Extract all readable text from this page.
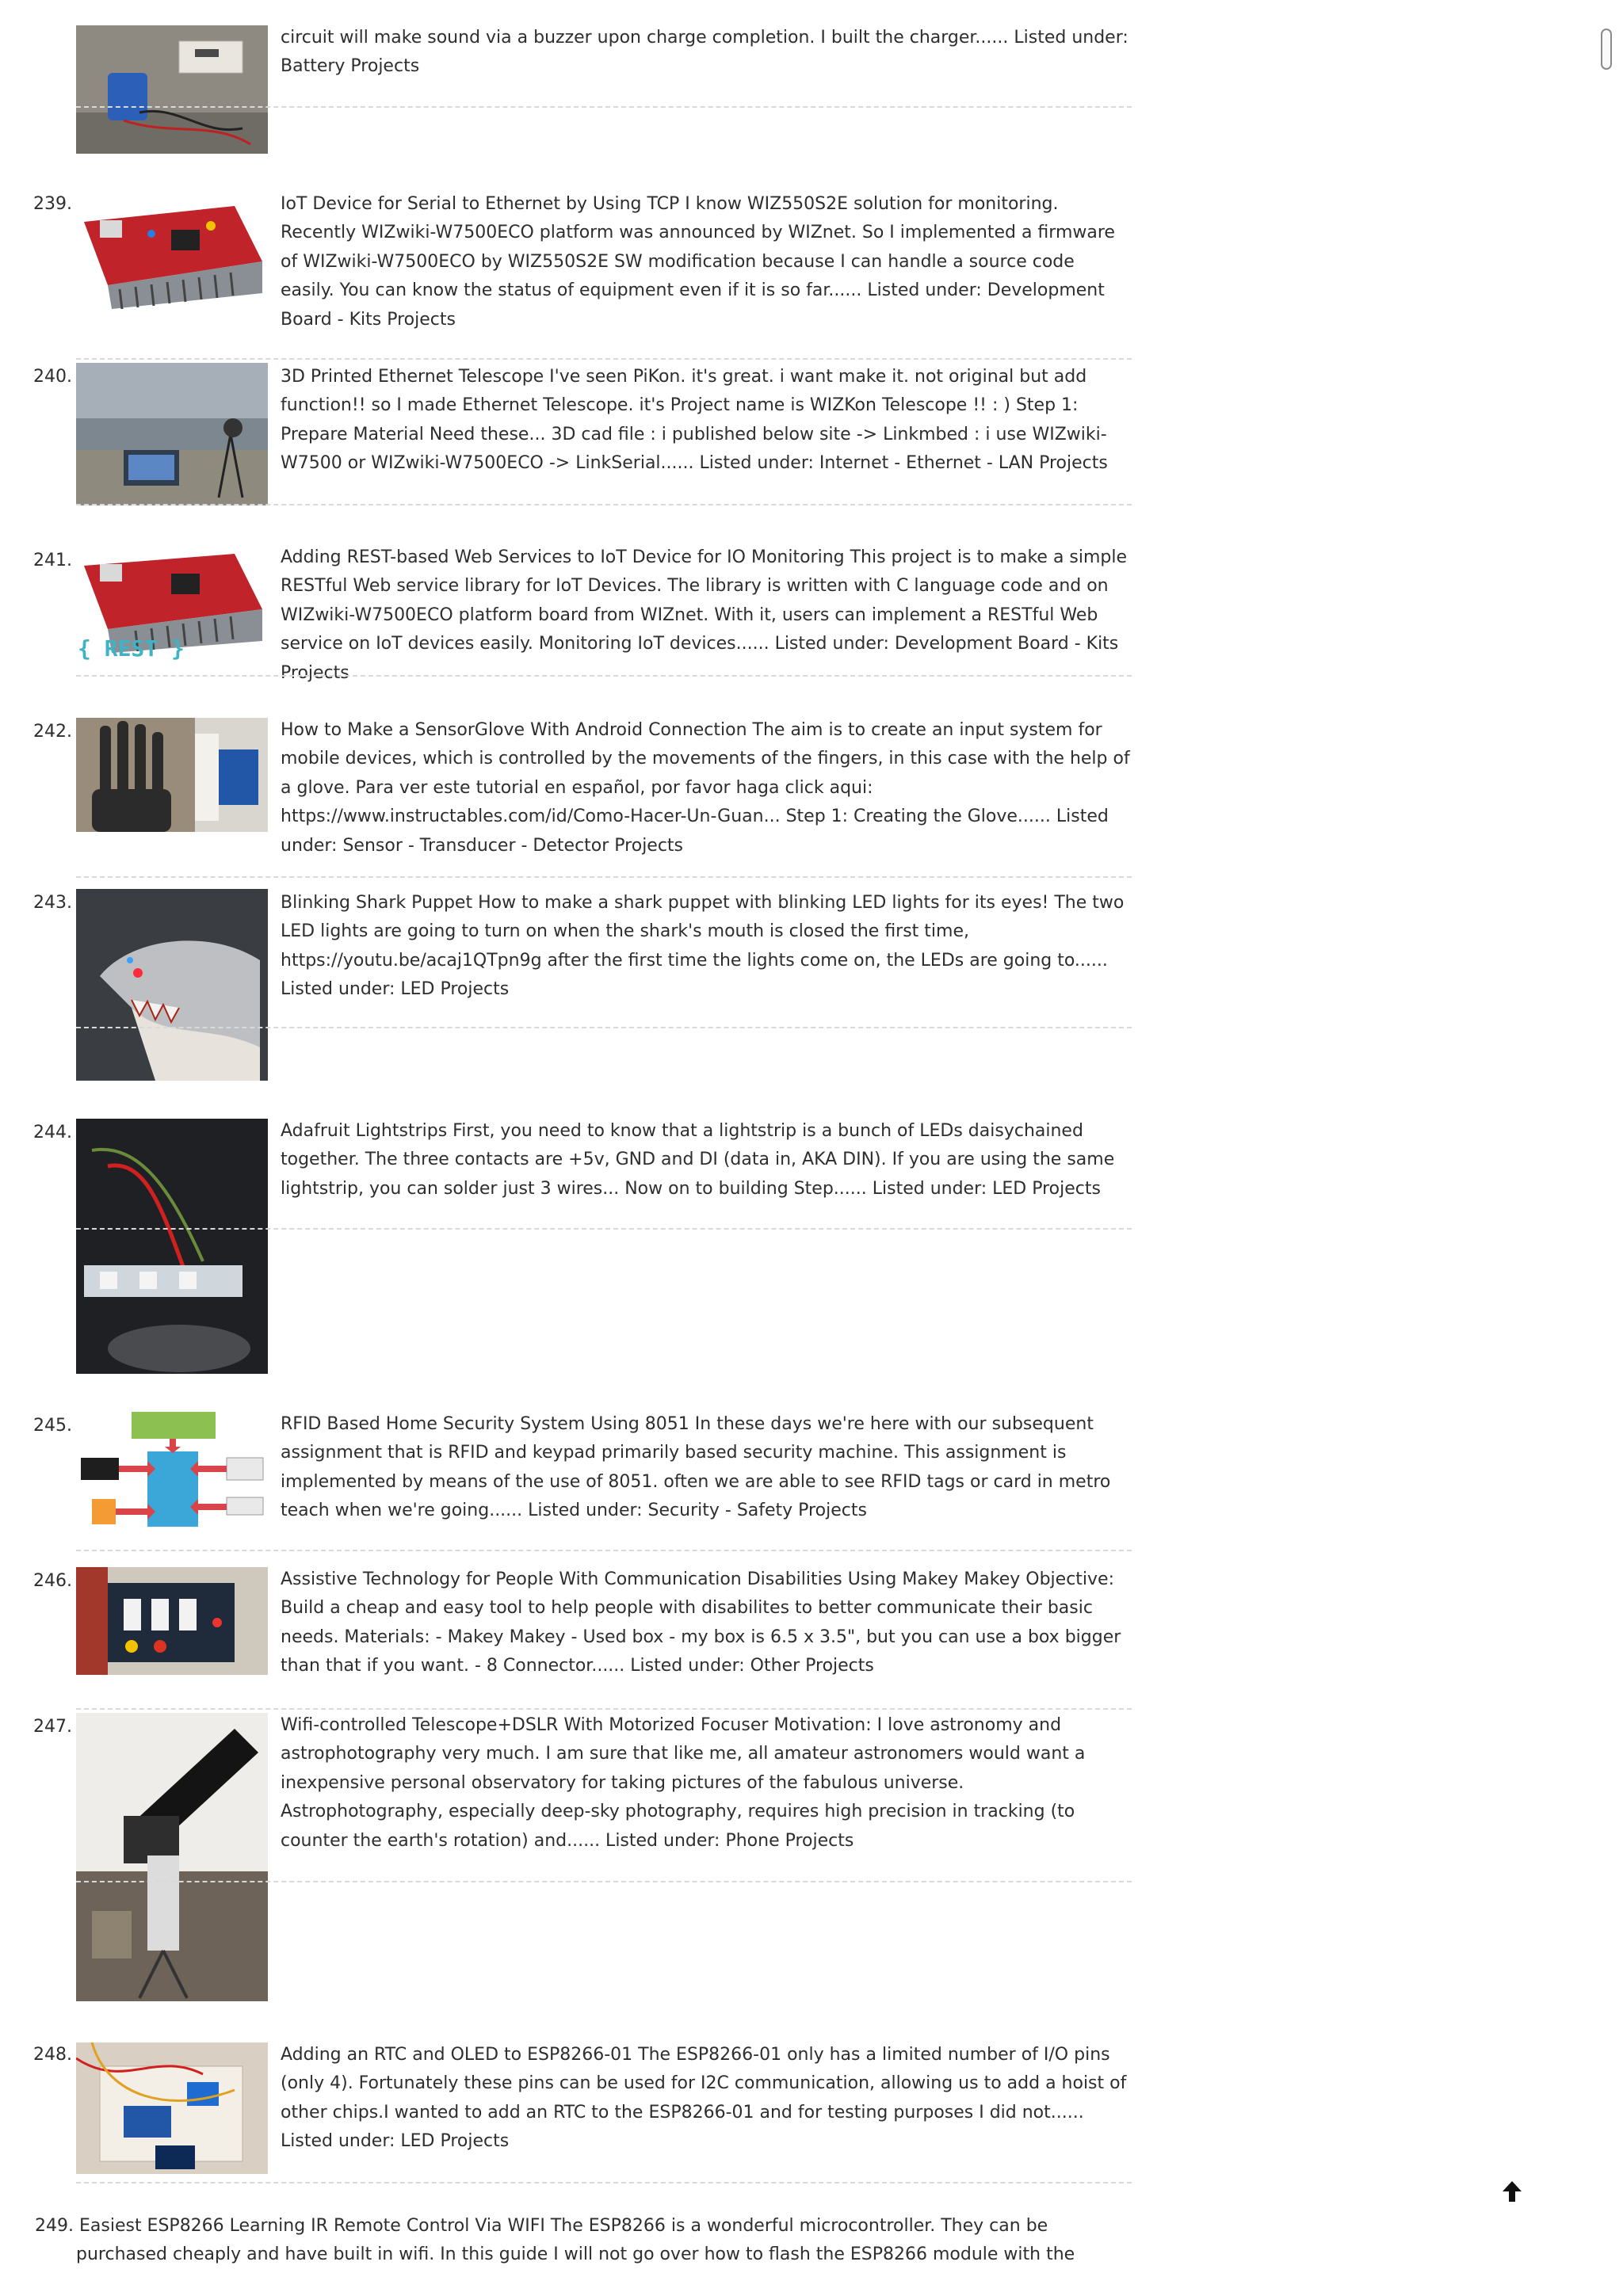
circuit will make sound via a buzzer upon charge completion. I built the charger...... Listed under: Battery Projects
239.	IoT Device for Serial to Ethernet by Using TCP I know WIZ550S2E solution for monitoring. Recently WIZwiki-W7500ECO platform was announced by WIZnet. So I implemented a firmware of WIZwiki-W7500ECO by WIZ550S2E SW modification because I can handle a source code easily. You can know the status of equipment even if it is so far...... Listed under: Development Board - Kits Projects
240.	3D Printed Ethernet Telescope I've seen PiKon. it's great. i want make it. not original but add function!! so I made Ethernet Telescope. it's Project name is WIZKon Telescope !! : ) Step 1: Prepare Material Need these... 3D cad file : i published below site -> Linkmbed : i use WIZwiki-W7500 or WIZwiki-W7500ECO -> LinkSerial...... Listed under: Internet - Ethernet - LAN Projects
241.
{ REST }
Adding REST-based Web Services to IoT Device for IO Monitoring This project is to make a simple RESTful Web service library for IoT Devices. The library is written with C language code and on WIZwiki-W7500ECO platform board from WIZnet. With it, users can implement a RESTful Web service on IoT devices easily. Monitoring IoT devices...... Listed under: Development Board - Kits Projects
242.	How to Make a SensorGlove With Android Connection The aim is to create an input system for mobile devices, which is controlled by the movements of the fingers, in this case with the help of a glove. Para ver este tutorial en español, por favor haga click aqui: https://www.instructables.com/id/Como-Hacer-Un-Guan... Step 1: Creating the Glove...... Listed under: Sensor - Transducer - Detector Projects
243.	Blinking Shark Puppet How to make a shark puppet with blinking LED lights for its eyes! The two LED lights are going to turn on when the shark's mouth is closed the first time, https://youtu.be/acaj1QTpn9g after the first time the lights come on, the LEDs are going to...... Listed under: LED Projects
244.	Adafruit Lightstrips First, you need to know that a lightstrip is a bunch of LEDs daisychained together. The three contacts are +5v, GND and DI (data in, AKA DIN). If you are using the same lightstrip, you can solder just 3 wires... Now on to building Step...... Listed under: LED Projects
245.	RFID Based Home Security System Using 8051 In these days we're here with our subsequent assignment that is RFID and keypad primarily based security machine. This assignment is implemented by means of the use of 8051. often we are able to see RFID tags or card in metro teach when we're going...... Listed under: Security - Safety Projects
246.	Assistive Technology for People With Communication Disabilities Using Makey Makey Objective: Build a cheap and easy tool to help people with disabilites to better communicate their basic needs. Materials: - Makey Makey - Used box - my box is 6.5 x 3.5", but you can use a box bigger than that if you want. - 8 Connector...... Listed under: Other Projects
247.	Wifi-controlled Telescope+DSLR With Motorized Focuser Motivation: I love astronomy and astrophotography very much. I am sure that like me, all amateur astronomers would want a inexpensive personal observatory for taking pictures of the fabulous universe. Astrophotography, especially deep-sky photography, requires high precision in tracking (to counter the earth's rotation) and...... Listed under: Phone Projects
248.	Adding an RTC and OLED to ESP8266-01 The ESP8266-01 only has a limited number of I/O pins (only 4). Fortunately these pins can be used for I2C communication, allowing us to add a hoist of other chips.I wanted to add an RTC to the ESP8266-01 and for testing purposes I did not...... Listed under: LED Projects
249. Easiest ESP8266 Learning IR Remote Control Via WIFI The ESP8266 is a wonderful microcontroller. They can be purchased cheaply and have built in wifi. In this guide I will not go over how to flash the ESP8266 module with the
